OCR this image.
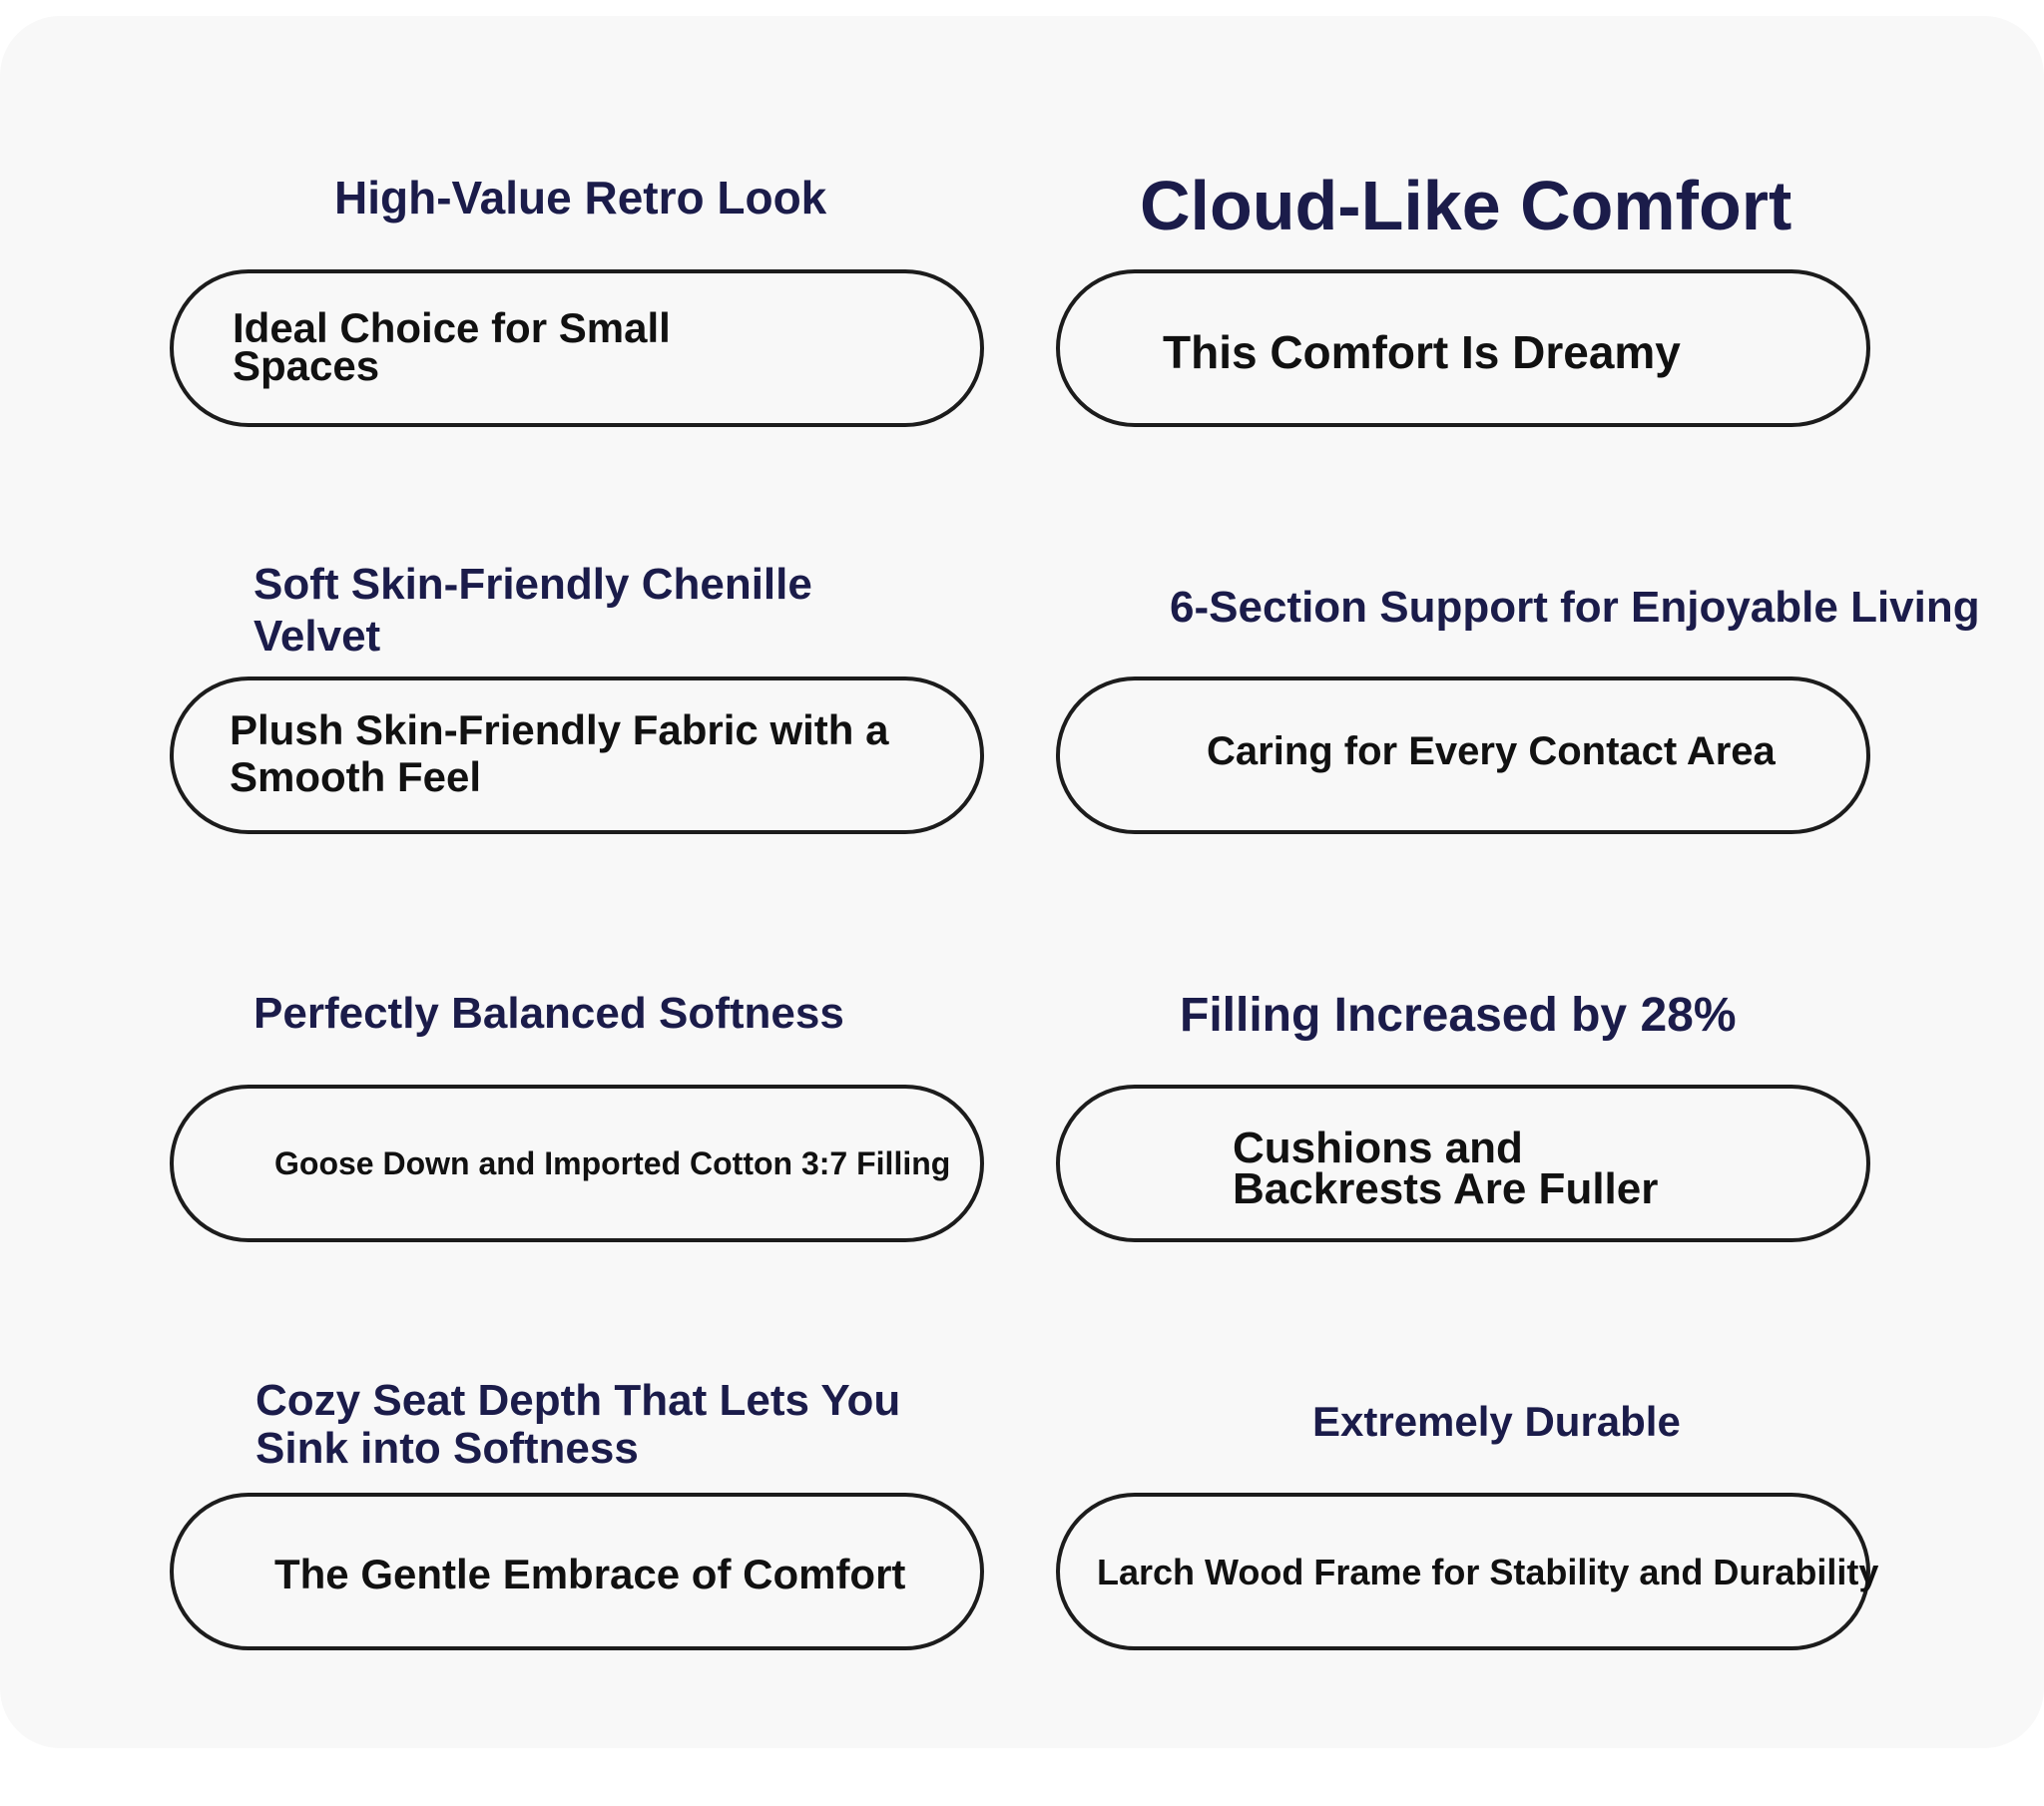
High-Value Retro Look

Ideal Choice for Small
Spaces

Cloud-Like Comfort

This Comfort Is Dreamy

Soft Skin-Friendly Chenille
Velvet

Plush Skin-Friendly Fabric with a
Smooth Feel

6-Section Support for Enjoyable Living

Caring for Every Contact Area

Perfectly Balanced Softness

Goose Down and Imported Cotton 3:7 Filling

Filling Increased by 28%

Cushions and
Backrests Are Fuller

Cozy Seat Depth That Lets You
Sink into Softness

The Gentle Embrace of Comfort

Extremely Durable

Larch Wood Frame for Stability and Durability
